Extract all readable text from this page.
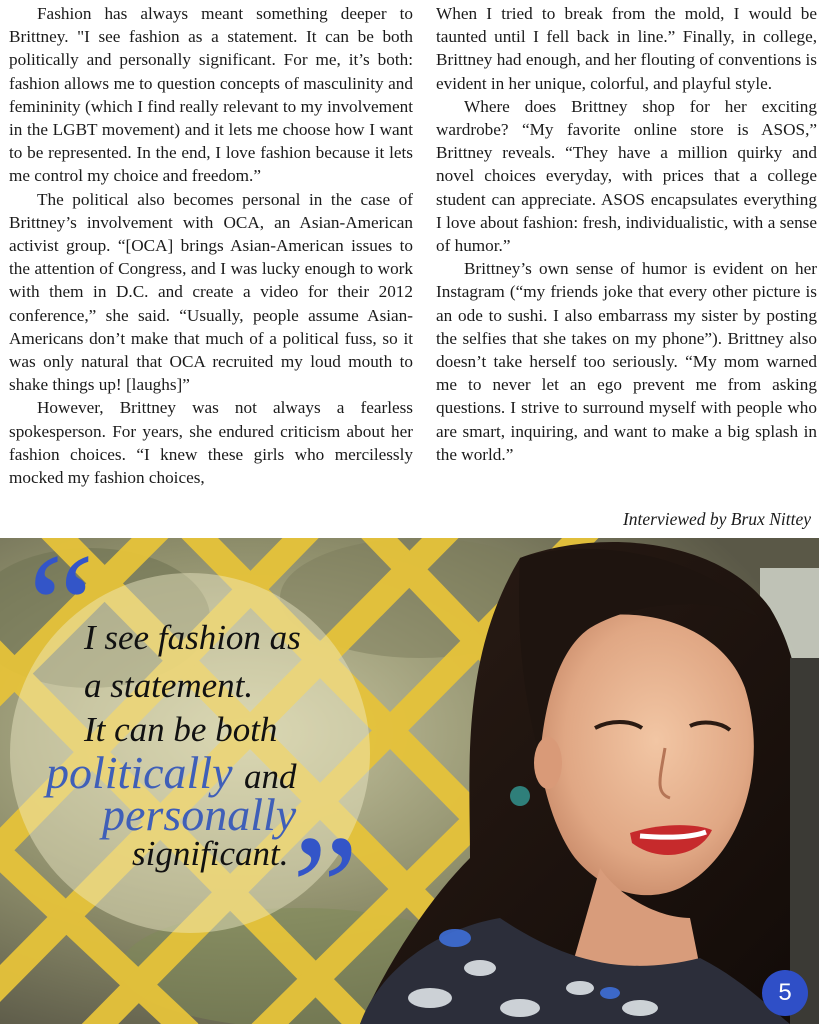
Fashion has always meant something deeper to Brittney. "I see fashion as a statement. It can be both politically and personally significant. For me, it’s both: fashion allows me to question concepts of masculinity and femininity (which I find really relevant to my involvement in the LGBT movement) and it lets me choose how I want to be represented. In the end, I love fashion because it lets me control my choice and freedom.”

The political also becomes personal in the case of Brittney’s involvement with OCA, an Asian-American activist group. “[OCA] brings Asian-American issues to the attention of Congress, and I was lucky enough to work with them in D.C. and create a video for their 2012 conference,” she said. “Usually, people assume Asian-Americans don’t make that much of a political fuss, so it was only natural that OCA recruited my loud mouth to shake things up! [laughs]”

However, Brittney was not always a fearless spokesperson. For years, she endured criticism about her fashion choices. “I knew these girls who mercilessly mocked my fashion choices,

When I tried to break from the mold, I would be taunted until I fell back in line.” Finally, in college, Brittney had enough, and her flouting of conventions is evident in her unique, colorful, and playful style.

Where does Brittney shop for her exciting wardrobe? “My favorite online store is ASOS,” Brittney reveals. “They have a million quirky and novel choices everyday, with prices that a college student can appreciate. ASOS encapsulates everything I love about fashion: fresh, individualistic, with a sense of humor.”

Brittney’s own sense of humor is evident on her Instagram (“my friends joke that every other picture is an ode to sushi. I also embarrass my sister by posting the selfies that she takes on my phone”). Brittney also doesn’t take herself too seriously. “My mom warned me to never let an ego prevent me from asking questions. I strive to surround myself with people who are smart, inquiring, and want to make a big splash in the world.”

Interviewed by Brux Nittey
“
I see fashion as
a statement.
It can be both
politically and
personally
significant. ”
5
